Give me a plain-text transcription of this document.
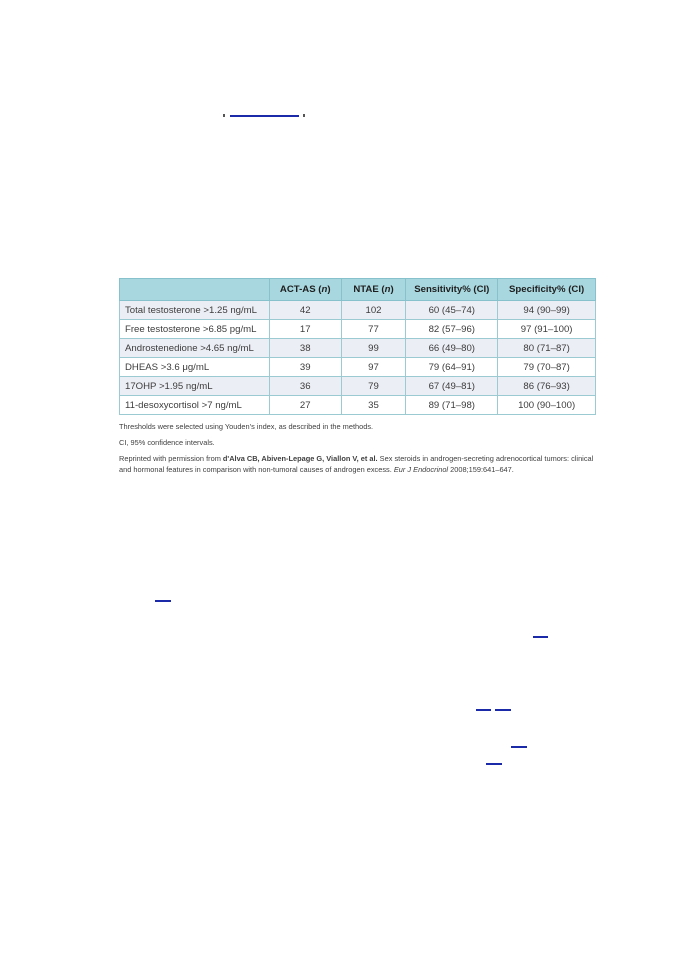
	ACT-AS (n)	NTAE (n)	Sensitivity% (CI)	Specificity% (CI)
Total testosterone >1.25 ng/mL	42	102	60 (45–74)	94 (90–99)
Free testosterone >6.85 pg/mL	17	77	82 (57–96)	97 (91–100)
Androstenedione >4.65 ng/mL	38	99	66 (49–80)	80 (71–87)
DHEAS >3.6 μg/mL	39	97	79 (64–91)	79 (70–87)
17OHP >1.95 ng/mL	36	79	67 (49–81)	86 (76–93)
11-desoxycortisol >7 ng/mL	27	35	89 (71–98)	100 (90–100)

Thresholds were selected using Youden's index, as described in the methods.

CI, 95% confidence intervals.

Reprinted with permission from d'Alva CB, Abiven-Lepage G, Viallon V, et al. Sex steroids in androgen-secreting adrenocortical tumors: clinical and hormonal features in comparison with non-tumoral causes of androgen excess. Eur J Endocrinol 2008;159:641–647.
